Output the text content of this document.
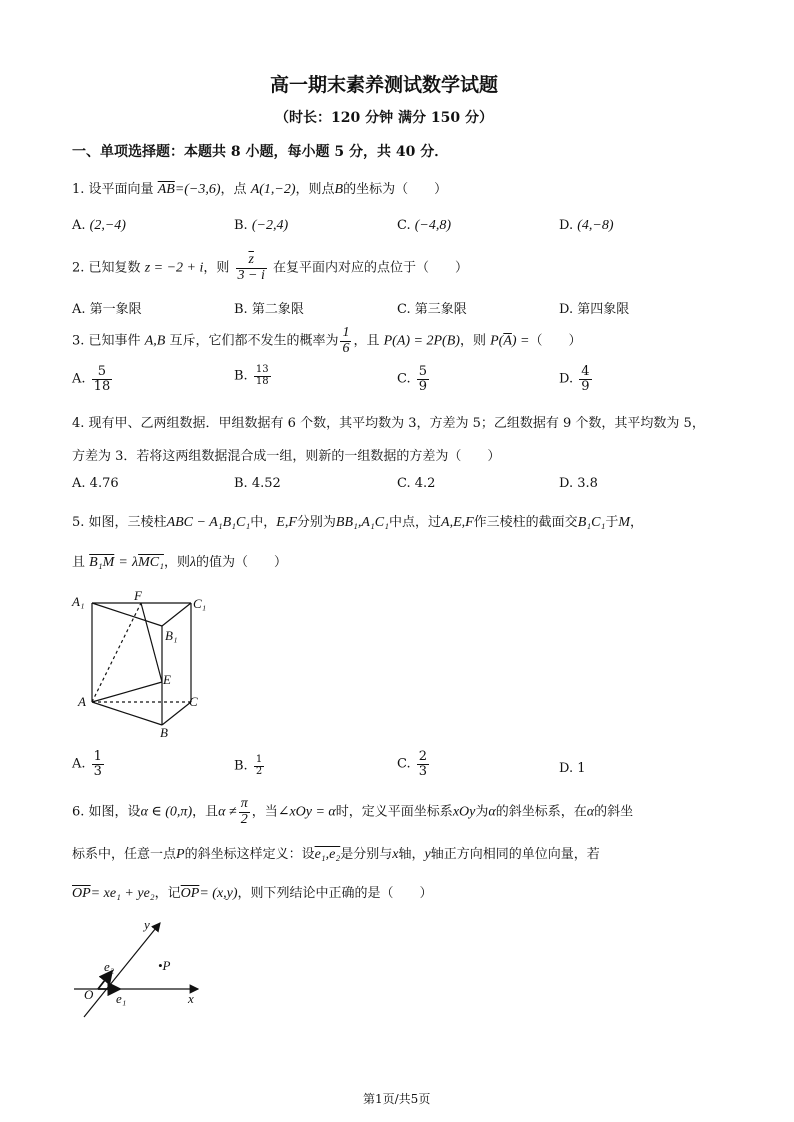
高一期末素养测试数学试题
（时长：120 分钟 满分 150 分）
一、单项选择题：本题共 8 小题，每小题 5 分，共 40 分．
1. 设平面向量 $\overline{AB}=(-3,6)$，点 A(1,−2)，则点B的坐标为（　　）
A. (2,−4)	B. (−2,4)	C. (−4,8)	D. (4,−8)
2. 已知复数 z = −2 + i，则 $\frac{\overline{z}}{3 - i}$ 在复平面内对应的点位于（　　）
A. 第一象限	B. 第二象限	C. 第三象限	D. 第四象限
3. 已知事件 A,B 互斥，它们都不发生的概率为 $\frac{1}{6}$ ，且 P(A) = 2P(B)，则 $P(\overline{A})$ =（　　）
A. $\frac{5}{18}$	B. $\frac{13}{18}$	C. $\frac{5}{9}$	D. $\frac{4}{9}$
4. 现有甲、乙两组数据．甲组数据有 6 个数，其平均数为 3，方差为 5；乙组数据有 9 个数，其平均数为 5，
方差为 3．若将这两组数据混合成一组，则新的一组数据的方差为（　　）
A. 4.76	B. 4.52	C. 4.2	D. 3.8
5. 如图，三棱柱ABC − A₁B₁C₁中，E,F分别为BB₁,A₁C₁中点，过A,E,F作三棱柱的截面交B₁C₁于M，
且 B₁M = λMC₁，则λ的值为（　　）
A₁	F
C₁
B₁
E
A	C
B
A. $\frac{1}{3}$	B. $\frac{1}{2}$	C. $\frac{2}{3}$	D. 1
6. 如图，设α ∈ (0,π)，且$\alpha \ne \frac{\pi}{2}$ ，当∠xOy = α时，定义平面坐标系xOy为α的斜坐标系，在α的斜坐
标系中，任意一点P的斜坐标这样定义：设e₁,e₂是分别与x轴，y轴正方向相同的单位向量，若
$\overline{OP}= xe_1 + ye_2$，记$\overline{OP}= (x,y)$，则下列结论中正确的是（　　）
y
e₂	•P
O e₁	x
第1页/共5页
